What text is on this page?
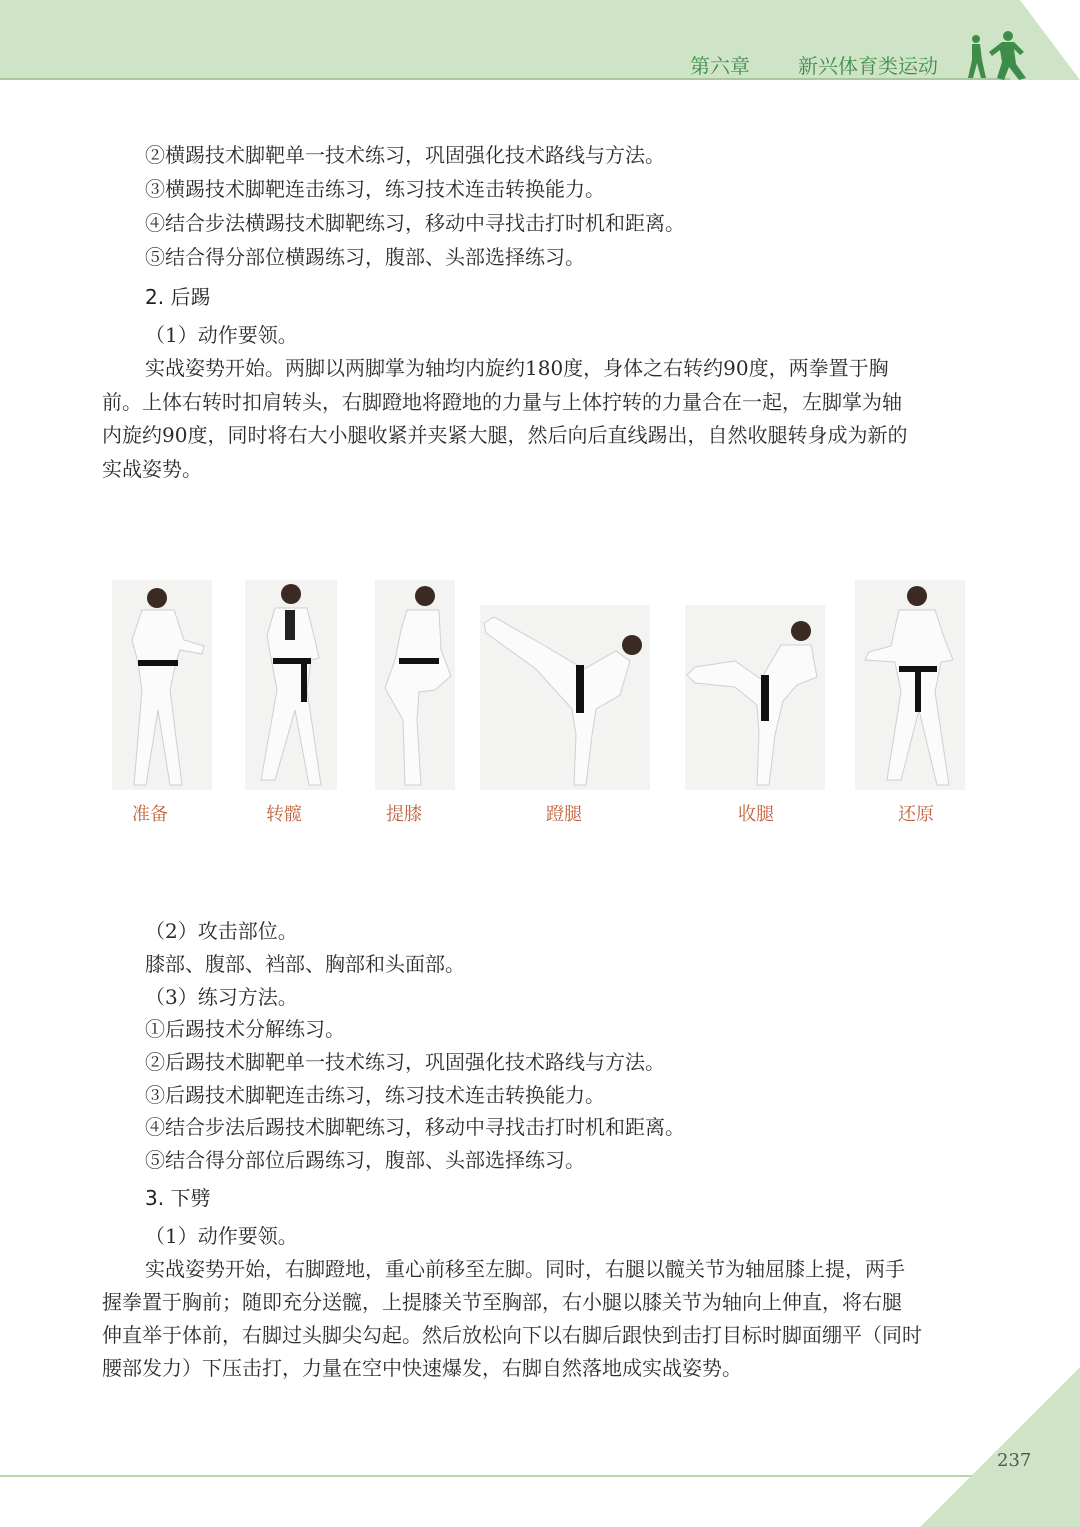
第六章 新兴体育类运动

②横踢技术脚靶单一技术练习，巩固强化技术路线与方法。

③横踢技术脚靶连击练习，练习技术连击转换能力。

④结合步法横踢技术脚靶练习，移动中寻找击打时机和距离。

⑤结合得分部位横踢练习，腹部、头部选择练习。

2. 后踢

（1）动作要领。

实战姿势开始。两脚以两脚掌为轴均内旋约180度，身体之右转约90度，两拳置于胸

前。上体右转时扣肩转头，右脚蹬地将蹬地的力量与上体拧转的力量合在一起，左脚掌为轴

内旋约90度，同时将右大小腿收紧并夹紧大腿，然后向后直线踢出，自然收腿转身成为新的

实战姿势。

准备	转髋	提膝	蹬腿	收腿	还原

（2）攻击部位。

膝部、腹部、裆部、胸部和头面部。

（3）练习方法。

①后踢技术分解练习。

②后踢技术脚靶单一技术练习，巩固强化技术路线与方法。

③后踢技术脚靶连击练习，练习技术连击转换能力。

④结合步法后踢技术脚靶练习，移动中寻找击打时机和距离。

⑤结合得分部位后踢练习，腹部、头部选择练习。

3. 下劈

（1）动作要领。

实战姿势开始，右脚蹬地，重心前移至左脚。同时，右腿以髋关节为轴屈膝上提，两手

握拳置于胸前；随即充分送髋，上提膝关节至胸部，右小腿以膝关节为轴向上伸直，将右腿

伸直举于体前，右脚过头脚尖勾起。然后放松向下以右脚后跟快到击打目标时脚面绷平（同时

腰部发力）下压击打，力量在空中快速爆发，右脚自然落地成实战姿势。

237
